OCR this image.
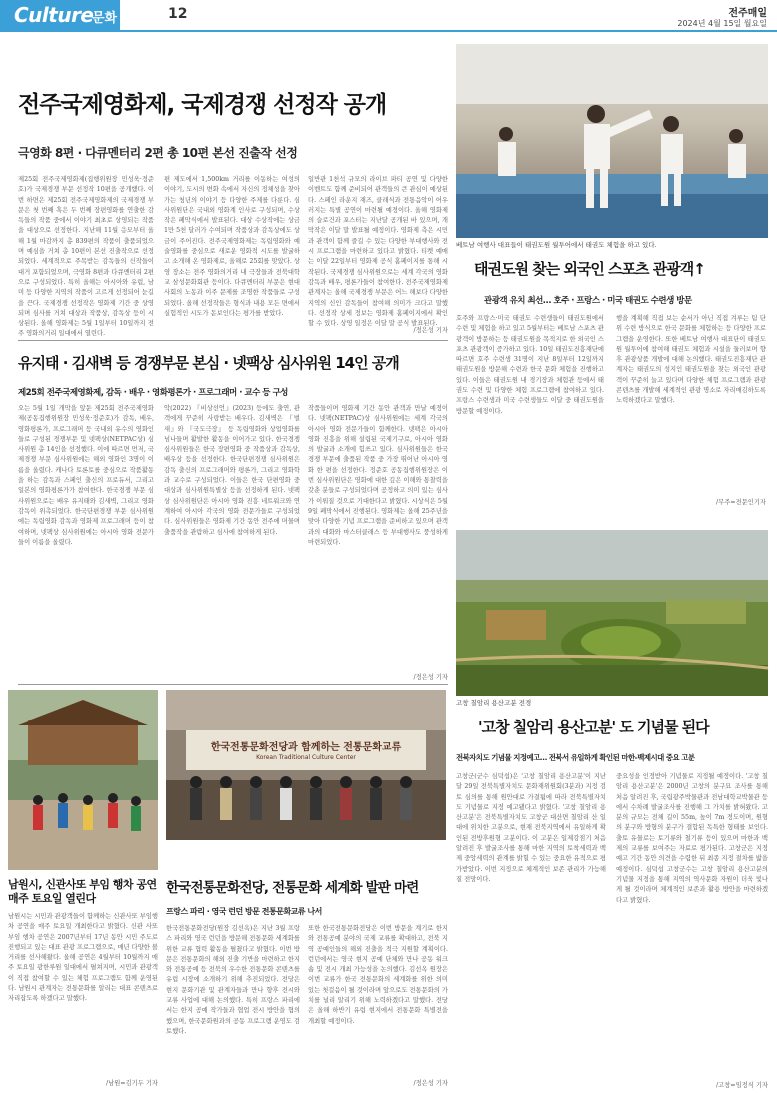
Culture
문화	12	전주매일
2024년 4월 15일 월요일
전주국제영화제, 국제경쟁 선정작 공개
극영화 8편 · 다큐멘터리 2편 총 10편 본선 진출작 선정
제25회 전주국제영화제(집행위원장 민성욱·정준호)가 국제경쟁 부문 선정작 10편을 공개했다. 이번 하면은 제25회 전주국제영화제의 국제경쟁 부문은 첫 번째 혹은 두 번째 장편영화를 연출한 감독들의 작품 중에서 이야기 최초로 상영되는 작품을 대상으로 선정한다. 지난해 11월 응모부터 올해 1월 마감까지 총 839편의 작품이 출품되었으며 예심을 거쳐 총 10편이 본선 진출작으로 선정되었다. 세계적으로 주목받는 감독들의 신작들이 대거 포함되었으며, 극영화 8편과 다큐멘터리 2편으로 구성되었다. 특히 올해는 아시아와 유럽, 남미 등 다양한 지역의 작품이 고르게 선정되어 눈길을 끈다. 국제경쟁 선정작은 영화제 기간 중 상영되며 심사를 거쳐 대상과 작품상, 감독상 등이 시상된다. 올해 영화제는 5월 1일부터 10일까지 전주 영화의거리 일대에서 열린다.
편 제도에서 1,500km 거리를 이동하는 여성의 이야기, 도시의 변화 속에서 자신의 정체성을 찾아가는 청년의 이야기 등 다양한 주제를 다룬다. 심사위원단은 국내외 영화계 인사로 구성되며, 수상작은 폐막식에서 발표된다. 대상 수상작에는 상금 1만 5천 달러가 수여되며 작품상과 감독상에도 상금이 주어진다. 전주국제영화제는 독립영화와 예술영화를 중심으로 새로운 영화적 시도를 발굴하고 소개해 온 영화제로, 올해로 25회를 맞았다. 상영 장소는 전주 영화의거리 내 극장들과 전북대학교 삼성문화회관 등이다. 다큐멘터리 부문은 현대사회의 노동과 이주 문제를 조명한 작품들로 구성되었다. 올해 선정작들은 형식과 내용 모든 면에서 실험적인 시도가 돋보인다는 평가를 받았다.
일반관 1천석 규모의 라이브 파티 공연 및 다양한 이벤트도 함께 준비되어 관객들의 큰 관심이 예상된다. 스페인 라운지 재즈, 클래식과 전통음악이 어우러지는 특별 공연이 마련될 예정이다. 올해 영화제의 슬로건과 포스터는 지난달 공개된 바 있으며, 개막작은 이달 말 발표될 예정이다. 영화제 측은 시민과 관객이 함께 즐길 수 있는 다양한 부대행사와 전시 프로그램을 마련하고 있다고 밝혔다. 티켓 예매는 이달 22일부터 영화제 공식 홈페이지를 통해 시작된다. 국제경쟁 심사위원으로는 세계 각국의 영화감독과 배우, 평론가들이 참여한다. 전주국제영화제 관계자는 올해 국제경쟁 부문은 어느 해보다 다양한 지역의 신인 감독들이 참여해 의미가 크다고 말했다. 선정작 상세 정보는 영화제 홈페이지에서 확인할 수 있다. 상영 일정은 이달 말 공식 발표된다.
/정은성 기자
베트남 여행사 대표들이 태권도원 월투어에서 태권도 체험을 하고 있다.
태권도원 찾는 외국인 스포츠 관광객↑
관광객 유치 최선… 호주 · 프랑스 · 미국 태권도 수련생 방문
호주와 프랑스·미국 태권도 수련생들이 태권도원에서 수련 및 체험을 하고 있고 5월부터는 베트남 스포츠 관광객이 방문하는 등 태권도원을 목적지로 한 외국인 스포츠 관광객이 증가하고 있다. 10일 태권도진흥재단에 따르면 호주 수련생 31명이 지난 8일부터 12일까지 태권도원을 방문해 수련과 한국 문화 체험을 진행하고 있다. 이들은 태권도원 내 경기장과 체험관 등에서 태권도 수련 및 다양한 체험 프로그램에 참여하고 있다. 프랑스 수련생과 미국 수련생들도 이달 중 태권도원을 방문할 예정이다.
행을 계획해 직접 보는 순서가 아닌 직접 겨루는 팀 단위 수련 방식으로 한국 문화를 체험하는 등 다양한 프로그램을 운영한다. 또한 베트남 여행사 대표단이 태권도원 월투어에 참여해 태권도 체험과 시설을 둘러보며 향후 관광상품 개발에 대해 논의했다. 태권도진흥재단 관계자는 태권도의 성지인 태권도원을 찾는 외국인 관광객이 꾸준히 늘고 있다며 다양한 체험 프로그램과 관광 콘텐츠를 개발해 세계적인 관광 명소로 자리매김하도록 노력하겠다고 말했다.
/무주=전문인기자
유지태 · 김새벽 등 경쟁부문 본심 · 넷팩상 심사위원 14인 공개
제25회 전주국제영화제, 감독 · 배우 · 영화평론가 · 프로그래머 · 교수 등 구성
오는 5월 1일 개막을 앞둔 제25회 전주국제영화제(공동집행위원장 민성욱·정준호)가 감독, 배우, 영화평론가, 프로그래머 등 국내외 유수의 영화인들로 구성된 경쟁부문 및 넷팩상(NETPAC상) 심사위원 총 14인을 선정했다. 이에 따르면 먼저, 국제경쟁 부문 심사위원에는 해외 영화인 3명이 이름을 올렸다. 캐나다 토론토를 중심으로 작품활동을 하는 감독과 스페인 출신의 프로듀서, 그리고 일본의 영화평론가가 참여한다. 한국경쟁 부문 심사위원으로는 배우 유지태와 김새벽, 그리고 영화감독이 위촉되었다. 한국단편경쟁 부문 심사위원에는 독립영화 감독과 영화제 프로그래머 등이 참여하며, 넷팩상 심사위원에는 아시아 영화 전문가들이 이름을 올렸다.
악(2022) 『비상선언』(2023) 등에도 출연, 관객에게 꾸준히 사랑받는 배우다. 김새벽은 『벌새』와 『국도극장』 등 독립영화와 상업영화를 넘나들며 활발한 활동을 이어가고 있다. 한국경쟁 심사위원들은 한국 장편영화 중 작품상과 감독상, 배우상 등을 선정한다. 한국단편경쟁 심사위원은 감독 출신의 프로그래머와 평론가, 그리고 영화학과 교수로 구성되었다. 이들은 한국 단편영화 중 대상과 심사위원특별상 등을 선정하게 된다. 넷팩상 심사위원단은 아시아 영화 진흥 네트워크와 연계하여 아시아 각국의 영화 전문가들로 구성되었다. 심사위원들은 영화제 기간 동안 전주에 머물며 출품작을 관람하고 심사에 참여하게 된다.
작품들이며 영화제 기간 동안 관객과 만날 예정이다. 넷팩(NETPAC)상 심사위원에는 세계 각국의 아시아 영화 전문가들이 함께한다. 넷팩은 아시아 영화 진흥을 위해 설립된 국제기구로, 아시아 영화의 발굴과 소개에 힘쓰고 있다. 심사위원들은 한국경쟁 부문에 출품된 작품 중 가장 뛰어난 아시아 영화 한 편을 선정한다. 정준호 공동집행위원장은 이번 심사위원단은 영화에 대한 깊은 이해와 통찰력을 갖춘 분들로 구성되었다며 공정하고 의미 있는 심사가 이뤄질 것으로 기대한다고 밝혔다. 시상식은 5월 9일 폐막식에서 진행된다. 영화제는 올해 25주년을 맞아 다양한 기념 프로그램을 준비하고 있으며 관객과의 대화와 마스터클래스 등 부대행사도 풍성하게 마련되었다.
/정은성 기자
고창 칠암리 용산고분 전경
'고창 칠암리 용산고분' 도 기념물 된다
전북자치도 기념물 지정예고… 전북서 유일하게 확인된 마한-백제시대 중요 고분
고창군(군수 심덕섭)은 '고창 칠암리 용산고분'이 지난달 29일 전북특별자치도 문화재위원회(3분과) 지정 검토 심의를 통해 원안대로 가결됨에 따라 전북특별자치도 기념물로 지정 예고됐다고 밝혔다. '고창 칠암리 용산고분'은 전북특별자치도 고창군 대산면 칠암리 산 일대에 위치한 고분으로, 현재 전북지역에서 유일하게 확인된 전방후원형 고분이다. 이 고분은 일제강점기 처음 알려진 후 발굴조사를 통해 마한 지역의 토착세력과 백제 중앙세력의 관계를 밝힐 수 있는 중요한 유적으로 평가받았다. 이번 지정으로 체계적인 보존 관리가 가능해질 전망이다.
중요성을 인정받아 기념물로 지정될 예정이다. '고창 칠암리 용산고분'은 2000년 고창의 분구묘 조사를 통해 처음 알려진 후, 국립광주박물관과 전남대학교박물관 등에서 수차례 발굴조사를 진행해 그 가치를 밝혀왔다. 고분의 규모는 전체 길이 55m, 높이 7m 정도이며, 원형의 분구와 방형의 분구가 결합된 독특한 형태를 보인다. 출토 유물로는 토기류와 철기류 등이 있으며 마한과 백제의 교류를 보여주는 자료로 평가된다. 고창군은 지정 예고 기간 동안 의견을 수렴한 뒤 최종 지정 절차를 밟을 예정이다. 심덕섭 고창군수는 고창 칠암리 용산고분의 기념물 지정을 통해 지역의 역사문화 자원이 더욱 빛나게 될 것이라며 체계적인 보존과 활용 방안을 마련하겠다고 밝혔다.
/고창=임정식 기자
남원시, 신관사또 부임 행차 공연 매주 토요일 열린다
남원시는 시민과 관광객들이 함께하는 신관사또 부임행차 공연을 매주 토요일 개최한다고 밝혔다. 신관 사또 부임 행차 공연은 2007년부터 17년 동안 시민 주도로 진행되고 있는 대표 관광 프로그램으로, 매년 다양한 볼거리를 선사해왔다. 올해 공연은 4월부터 10월까지 매주 토요일 광한루원 일대에서 펼쳐지며, 시민과 관광객이 직접 참여할 수 있는 체험 프로그램도 함께 운영된다. 남원시 관계자는 전통문화를 알리는 대표 콘텐츠로 자리잡도록 하겠다고 말했다.
/남원=김기두 기자
한국전통문화전당과 함께하는 전통문화교류
Korean Traditional Culture Center
한국전통문화전당, 전통문화 세계화 발판 마련
프랑스 파리 · 영국 런던 방문 전통문화교류 나서
한국전통문화전당(원장 김선옥)은 지난 3월 프랑스 파리와 영국 런던을 방문해 전통문화 세계화를 위한 교류 협력 활동을 펼쳤다고 밝혔다. 이번 방문은 전통문화의 해외 진출 기반을 마련하고 한지와 전통공예 등 전북의 우수한 전통문화 콘텐츠를 유럽 시장에 소개하기 위해 추진되었다. 전당은 현지 문화기관 및 관계자들과 만나 향후 전시와 교류 사업에 대해 논의했다. 특히 프랑스 파리에서는 한지 공예 작가들과 협업 전시 방안을 협의했으며, 한국문화원과의 공동 프로그램 운영도 검토했다.
또한 한국전통문화전당은 이번 방문을 계기로 한지와 전통공예 분야의 국제 교류를 확대하고, 전북 지역 공예인들의 해외 진출을 적극 지원할 계획이다. 런던에서는 영국 현지 공예 단체와 만나 공동 워크숍 및 전시 개최 가능성을 논의했다. 김선옥 원장은 이번 교류가 한국 전통문화의 세계화를 위한 의미 있는 첫걸음이 될 것이라며 앞으로도 전통문화의 가치를 널리 알리기 위해 노력하겠다고 말했다. 전당은 올해 하반기 유럽 현지에서 전통문화 특별전을 개최할 예정이다.
/정은성 기자
